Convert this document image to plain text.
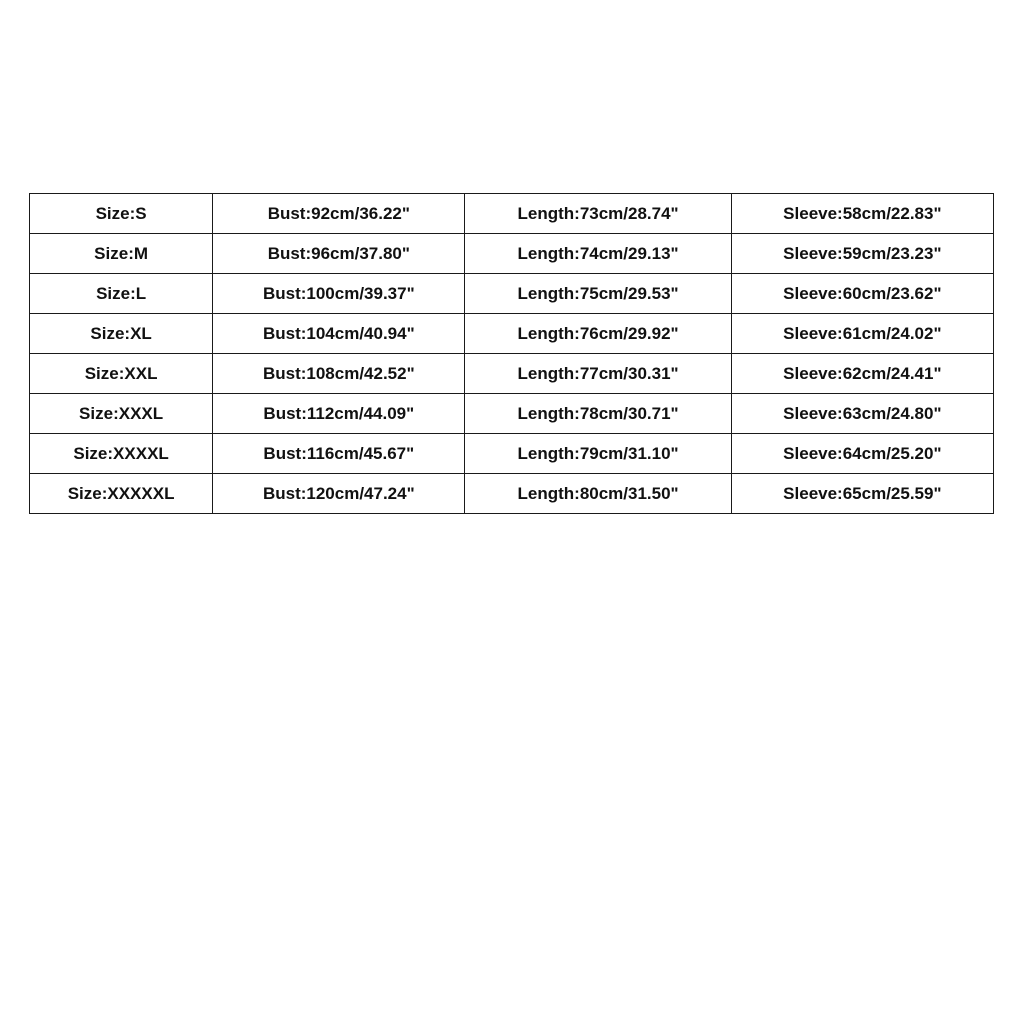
Size:S	Bust:92cm/36.22"	Length:73cm/28.74"	Sleeve:58cm/22.83"
Size:M	Bust:96cm/37.80"	Length:74cm/29.13"	Sleeve:59cm/23.23"
Size:L	Bust:100cm/39.37"	Length:75cm/29.53"	Sleeve:60cm/23.62"
Size:XL	Bust:104cm/40.94"	Length:76cm/29.92"	Sleeve:61cm/24.02"
Size:XXL	Bust:108cm/42.52"	Length:77cm/30.31"	Sleeve:62cm/24.41"
Size:XXXL	Bust:112cm/44.09"	Length:78cm/30.71"	Sleeve:63cm/24.80"
Size:XXXXL	Bust:116cm/45.67"	Length:79cm/31.10"	Sleeve:64cm/25.20"
Size:XXXXXL	Bust:120cm/47.24"	Length:80cm/31.50"	Sleeve:65cm/25.59"
